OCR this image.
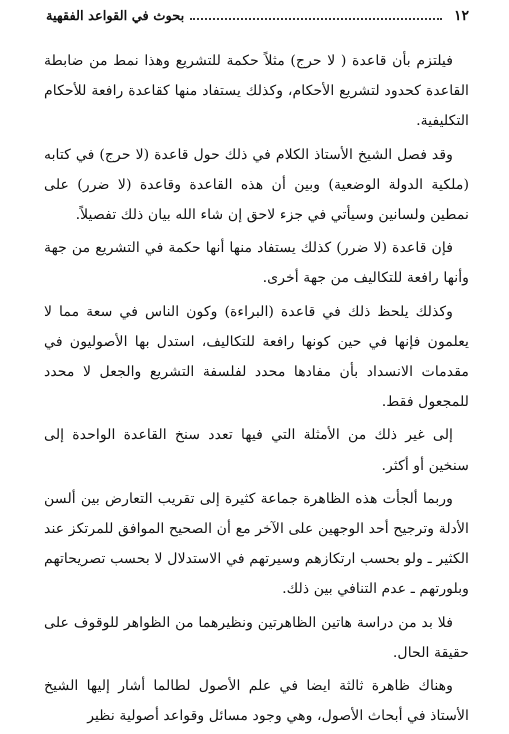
١٢
بحوث في القواعد الفقهية

فيلتزم بأن قاعدة ( لا حرج) مثلاً حكمة للتشريع وهذا نمط من ضابطة القاعدة كحدود لتشريع الأحكام، وكذلك يستفاد منها كقاعدة رافعة للأحكام التكليفية.

وقد فصل الشيخ الأستاذ الكلام في ذلك حول قاعدة (لا حرج) في كتابه (ملكية الدولة الوضعية) وبين أن هذه القاعدة وقاعدة (لا ضرر) على نمطين ولسانين وسيأتي في جزء لاحق إن شاء الله بيان ذلك تفصيلاً.

فإن قاعدة (لا ضرر) كذلك يستفاد منها أنها حكمة في التشريع من جهة وأنها رافعة للتكاليف من جهة أخرى.

وكذلك يلحظ ذلك في قاعدة (البراءة) وكون الناس في سعة مما لا يعلمون فإنها في حين كونها رافعة للتكاليف، استدل بها الأصوليون في مقدمات الانسداد بأن مفادها محدد لفلسفة التشريع والجعل لا محدد للمجعول فقط.

إلى غير ذلك من الأمثلة التي فيها تعدد سنخ القاعدة الواحدة إلى سنخين أو أكثر.

وربما ألجأت هذه الظاهرة جماعة كثيرة إلى تقريب التعارض بين ألسن الأدلة وترجيح أحد الوجهين على الآخر مع أن الصحيح الموافق للمرتكز عند الكثير ـ ولو بحسب ارتكازهم وسيرتهم في الاستدلال لا بحسب تصريحاتهم وبلورتهم ـ عدم التنافي بين ذلك.

فلا بد من دراسة هاتين الظاهرتين ونظيرهما من الظواهر للوقوف على حقيقة الحال.

وهناك ظاهرة ثالثة ايضا في علم الأصول لطالما أشار إليها الشيخ الأستاذ في أبحاث الأصول، وهي وجود مسائل وقواعد أصولية نظير
